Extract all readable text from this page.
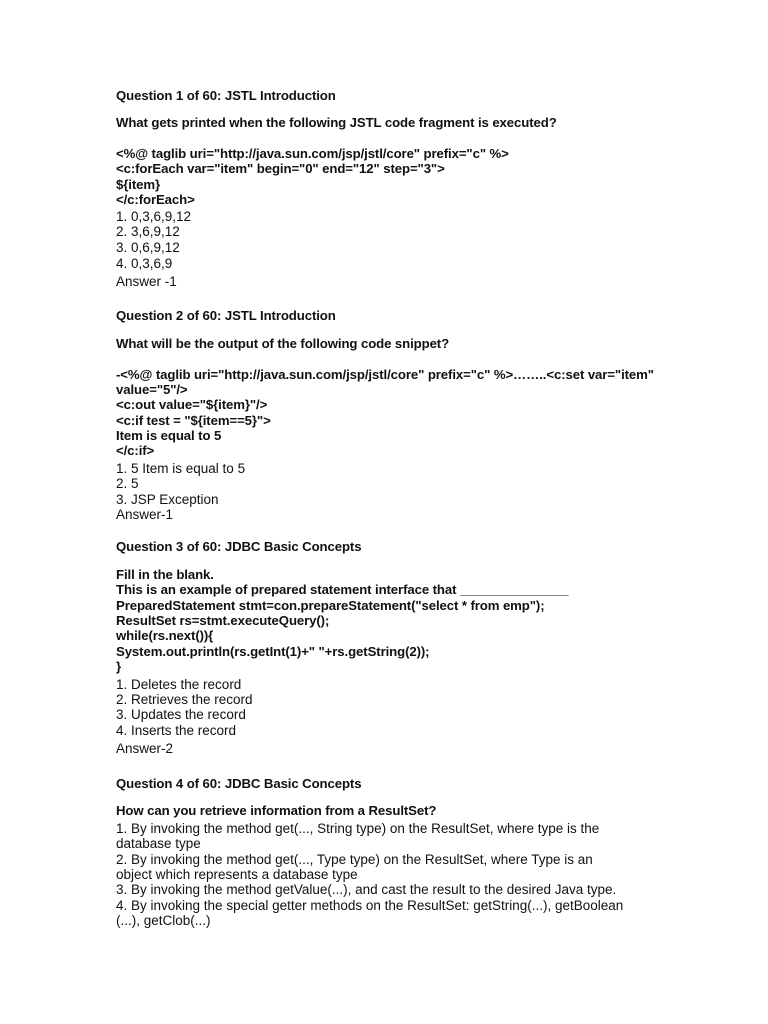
Question 1 of 60: JSTL Introduction
What gets printed when the following JSTL code fragment is executed?
<%@ taglib uri="http://java.sun.com/jsp/jstl/core" prefix="c" %>
<c:forEach var="item" begin="0" end="12" step="3">
${item}
</c:forEach>
1. 0,3,6,9,12
2. 3,6,9,12
3. 0,6,9,12
4. 0,3,6,9
Answer -1
Question 2 of 60: JSTL Introduction
What will be the output of the following code snippet?
-<%@ taglib uri="http://java.sun.com/jsp/jstl/core" prefix="c" %>……..<c:set var="item"
value="5"/>
<c:out value="${item}"/>
<c:if test = "${item==5}">
Item is equal to 5
</c:if>
1. 5 Item is equal to 5
2. 5
3. JSP Exception
Answer-1
Question 3 of 60: JDBC Basic Concepts
Fill in the blank.
This is an example of prepared statement interface that _______________
PreparedStatement stmt=con.prepareStatement("select * from emp");
ResultSet rs=stmt.executeQuery();
while(rs.next()){
System.out.println(rs.getInt(1)+" "+rs.getString(2));
}
1. Deletes the record
2. Retrieves the record
3. Updates the record
4. Inserts the record
Answer-2
Question 4 of 60: JDBC Basic Concepts
How can you retrieve information from a ResultSet?
1. By invoking the method get(..., String type) on the ResultSet, where type is the
database type
2. By invoking the method get(..., Type type) on the ResultSet, where Type is an
object which represents a database type
3. By invoking the method getValue(...), and cast the result to the desired Java type.
4. By invoking the special getter methods on the ResultSet: getString(...), getBoolean
(...), getClob(...)
